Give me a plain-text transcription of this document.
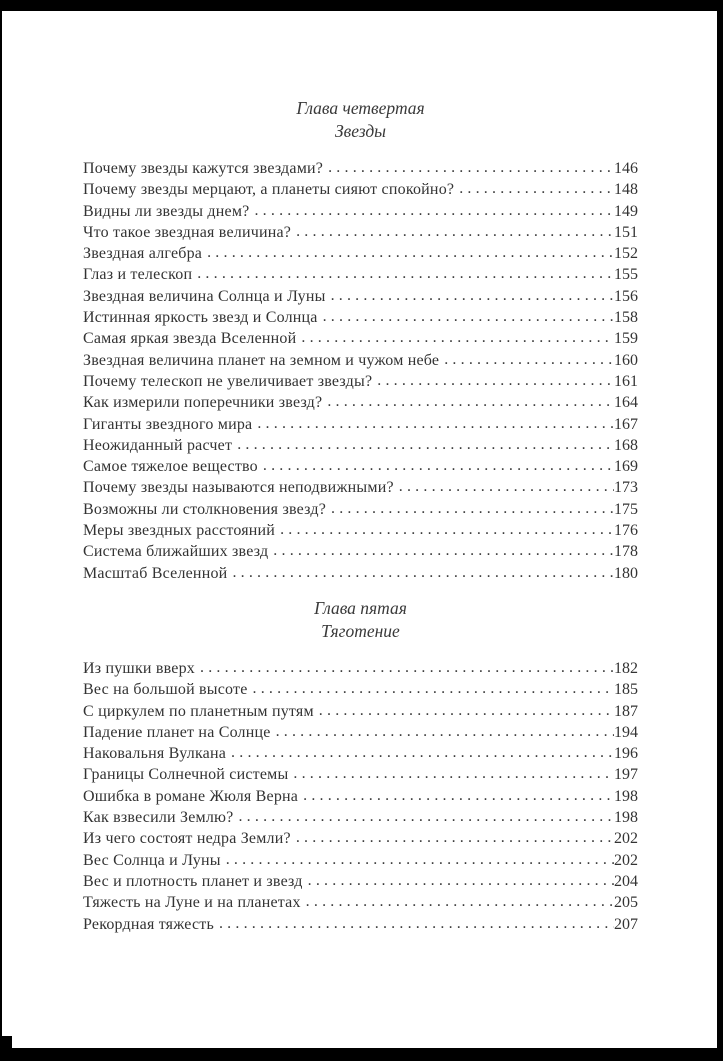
Глава четвертая
Звезды
Почему звезды кажутся звездами? .....	146
Почему звезды мерцают, а планеты сияют спокойно? .....	148
Видны ли звезды днем? .....	149
Что такое звездная величина? .....	151
Звездная алгебра .....	152
Глаз и телескоп .....	155
Звездная величина Солнца и Луны .....	156
Истинная яркость звезд и Солнца .....	158
Самая яркая звезда Вселенной .....	159
Звездная величина планет на земном и чужом небе .....	160
Почему телескоп не увеличивает звезды? .....	161
Как измерили поперечники звезд? .....	164
Гиганты звездного мира .....	167
Неожиданный расчет .....	168
Самое тяжелое вещество .....	169
Почему звезды называются неподвижными? .....	173
Возможны ли столкновения звезд? .....	175
Меры звездных расстояний .....	176
Система ближайших звезд .....	178
Масштаб Вселенной .....	180
Глава пятая
Тяготение
Из пушки вверх .....	182
Вес на большой высоте .....	185
С циркулем по планетным путям .....	187
Падение планет на Солнце .....	194
Наковальня Вулкана .....	196
Границы Солнечной системы .....	197
Ошибка в романе Жюля Верна .....	198
Как взвесили Землю? .....	198
Из чего состоят недра Земли? .....	202
Вес Солнца и Луны .....	202
Вес и плотность планет и звезд .....	204
Тяжесть на Луне и на планетах .....	205
Рекордная тяжесть .....	207
